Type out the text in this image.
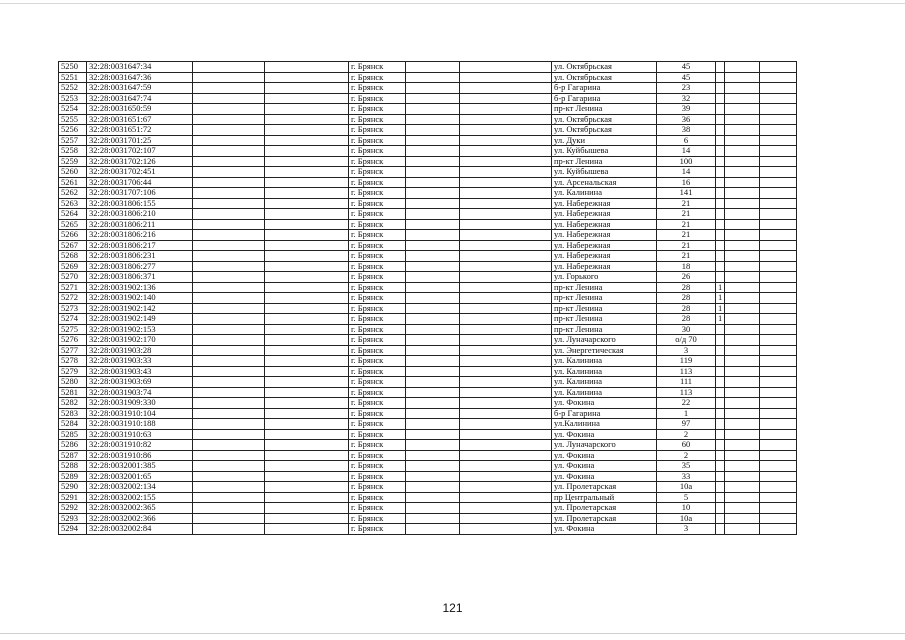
5250	32:28:0031647:34			г. Брянск			ул. Октябрьская	45			
5251	32:28:0031647:36			г. Брянск			ул. Октябрьская	45			
5252	32:28:0031647:59			г. Брянск			б-р Гагарина	23			
5253	32:28:0031647:74			г. Брянск			б-р Гагарина	32			
5254	32:28:0031650:59			г. Брянск			пр-кт Ленина	39			
5255	32:28:0031651:67			г. Брянск			ул. Октябрьская	36			
5256	32:28:0031651:72			г. Брянск			ул. Октябрьская	38			
5257	32:28:0031701:25			г. Брянск			ул. Дуки	6			
5258	32:28:0031702:107			г. Брянск			ул. Куйбышева	14			
5259	32:28:0031702:126			г. Брянск			пр-кт Ленина	100			
5260	32:28:0031702:451			г. Брянск			ул. Куйбышева	14			
5261	32:28:0031706:44			г. Брянск			ул. Арсенальская	16			
5262	32:28:0031707:106			г. Брянск			ул. Калинина	141			
5263	32:28:0031806:155			г. Брянск			ул. Набережная	21			
5264	32:28:0031806:210			г. Брянск			ул. Набережная	21			
5265	32:28:0031806:211			г. Брянск			ул. Набережная	21			
5266	32:28:0031806:216			г. Брянск			ул. Набережная	21			
5267	32:28:0031806:217			г. Брянск			ул. Набережная	21			
5268	32:28:0031806:231			г. Брянск			ул. Набережная	21			
5269	32:28:0031806:277			г. Брянск			ул. Набережная	18			
5270	32:28:0031806:371			г. Брянск			ул. Горького	26			
5271	32:28:0031902:136			г. Брянск			пр-кт Ленина	28	1		
5272	32:28:0031902:140			г. Брянск			пр-кт Ленина	28	1		
5273	32:28:0031902:142			г. Брянск			пр-кт Ленина	28	1		
5274	32:28:0031902:149			г. Брянск			пр-кт Ленина	28	1		
5275	32:28:0031902:153			г. Брянск			пр-кт Ленина	30			
5276	32:28:0031902:170			г. Брянск			ул. Луначарского	о/д 70			
5277	32:28:0031903:28			г. Брянск			ул. Энергетическая	3			
5278	32:28:0031903:33			г. Брянск			ул. Калинина	119			
5279	32:28:0031903:43			г. Брянск			ул. Калинина	113			
5280	32:28:0031903:69			г. Брянск			ул. Калинина	111			
5281	32:28:0031903:74			г. Брянск			ул. Калинина	113			
5282	32:28:0031909:330			г. Брянск			ул. Фокина	22			
5283	32:28:0031910:104			г. Брянск			б-р Гагарина	1			
5284	32:28:0031910:188			г. Брянск			ул.Калинина	97			
5285	32:28:0031910:63			г. Брянск			ул. Фокина	2			
5286	32:28:0031910:82			г. Брянск			ул. Луначарского	60			
5287	32:28:0031910:86			г. Брянск			ул. Фокина	2			
5288	32:28:0032001:385			г. Брянск			ул. Фокина	35			
5289	32:28:0032001:65			г. Брянск			ул. Фокина	33			
5290	32:28:0032002:134			г. Брянск			ул. Пролетарская	10а			
5291	32:28:0032002:155			г. Брянск			пр Центральный	5			
5292	32:28:0032002:365			г. Брянск			ул. Пролетарская	10			
5293	32:28:0032002:366			г. Брянск			ул. Пролетарская	10а			
5294	32:28:0032002:84			г. Брянск			ул. Фокина	3			
121
